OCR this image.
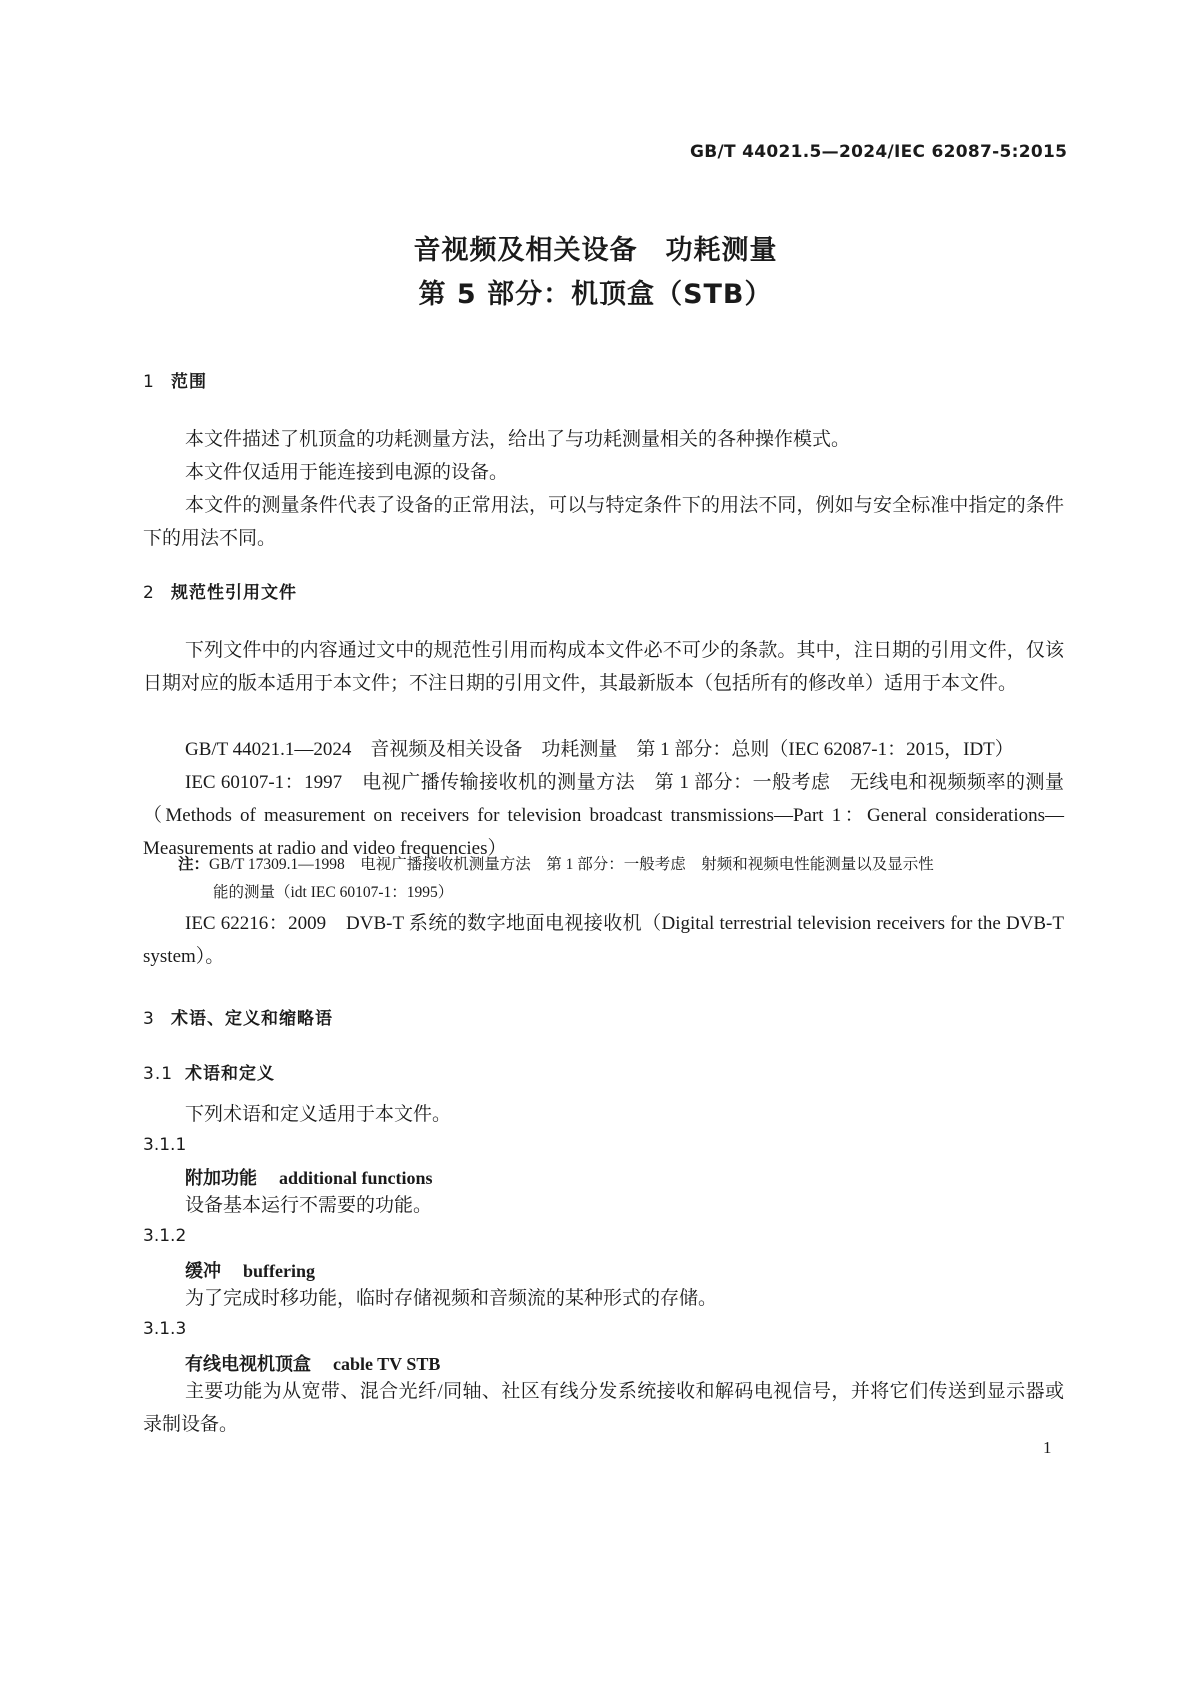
GB/T 44021.5—2024/IEC 62087-5:2015
音视频及相关设备　功耗测量
第 5 部分：机顶盒（STB）
1 范围

本文件描述了机顶盒的功耗测量方法，给出了与功耗测量相关的各种操作模式。

本文件仅适用于能连接到电源的设备。

本文件的测量条件代表了设备的正常用法，可以与特定条件下的用法不同，例如与安全标准中指定的条件下的用法不同。

2 规范性引用文件

下列文件中的内容通过文中的规范性引用而构成本文件必不可少的条款。其中，注日期的引用文件，仅该日期对应的版本适用于本文件；不注日期的引用文件，其最新版本（包括所有的修改单）适用于本文件。

GB/T 44021.1—2024　音视频及相关设备　功耗测量　第 1 部分：总则（IEC 62087-1：2015，IDT）

IEC 60107-1：1997　电视广播传输接收机的测量方法　第 1 部分：一般考虑　无线电和视频频率的测量（Methods of measurement on receivers for television broadcast transmissions—Part 1：General considerations—Measurements at radio and video frequencies）

注：GB/T 17309.1—1998　电视广播接收机测量方法　第 1 部分：一般考虑　射频和视频电性能测量以及显示性
能的测量（idt IEC 60107-1：1995）

IEC 62216：2009　DVB-T 系统的数字地面电视接收机（Digital terrestrial television receivers for the DVB-T system）。

3 术语、定义和缩略语
3.1 术语和定义

下列术语和定义适用于本文件。

3.1.1
附加功能 additional functions

设备基本运行不需要的功能。

3.1.2
缓冲 buffering

为了完成时移功能，临时存储视频和音频流的某种形式的存储。

3.1.3
有线电视机顶盒 cable TV STB

主要功能为从宽带、混合光纤/同轴、社区有线分发系统接收和解码电视信号，并将它们传送到显示器或录制设备。

1
